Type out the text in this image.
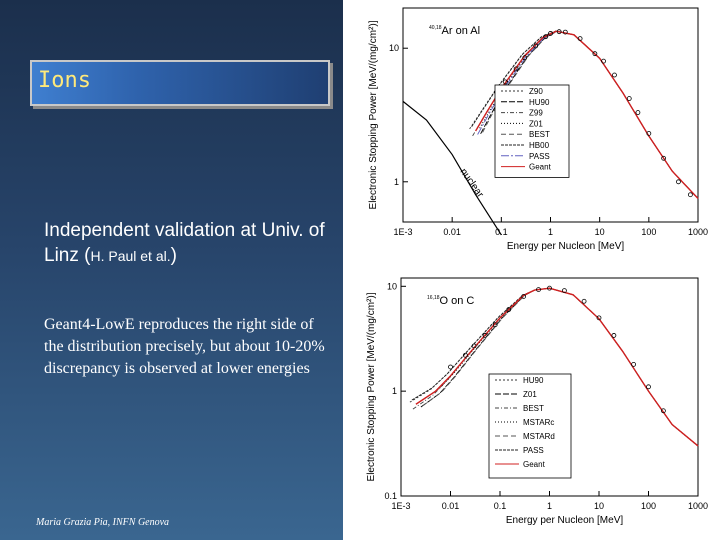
Ions
Independent validation at Univ. of Linz (H. Paul et al.)
Geant4-LowE reproduces the right side of the distribution precisely, but about 10-20% discrepancy is observed at lower energies
Maria Grazia Pia, INFN Genova
1E-3	0.01	0.1	1	10	100	1000
1
10
Energy per Nucleon [MeV]
Electronic Stopping Power [MeV/(mg/cm²)]	$^{40,18}$Ar on Al
nuclear
Z90
HU90
Z99
Z01
BEST
HB00
PASS
Geant
1E-3	0.01	0.1	1	10	100	1000
0.1
1
10
Energy per Nucleon [MeV]
Electronic Stopping Power [MeV/(mg/cm²)]	$^{16,18}$O on C
HU90
Z01
BEST
MSTARc
MSTARd
PASS
Geant
